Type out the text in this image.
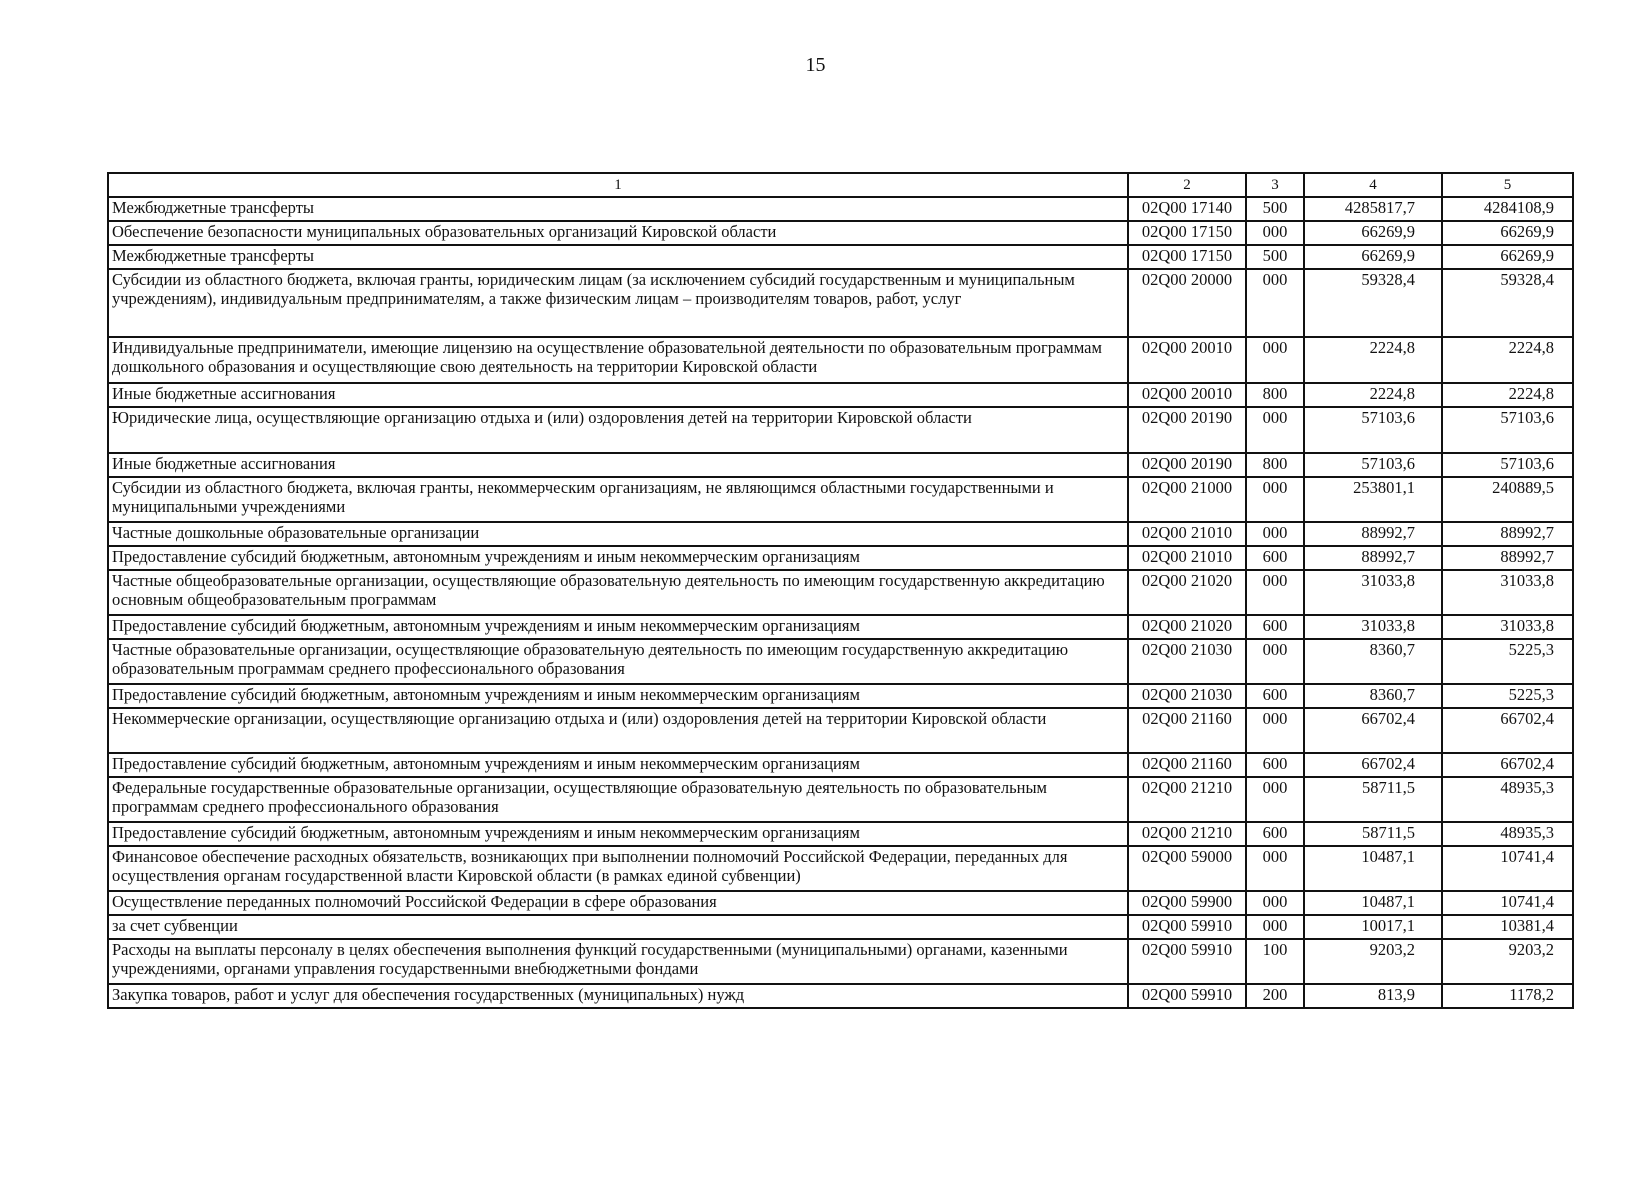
15
1	2	3	4	5
Межбюджетные трансферты	02Q00 17140	500	4285817,7	4284108,9
Обеспечение безопасности муниципальных образовательных организаций Кировской области	02Q00 17150	000	66269,9	66269,9
Межбюджетные трансферты	02Q00 17150	500	66269,9	66269,9
Субсидии из областного бюджета, включая гранты, юридическим лицам (за исключением субсидий государственным и муниципальным учреждениям), индивидуальным предпринимателям, а также физическим лицам – производителям товаров, работ, услуг	02Q00 20000	000	59328,4	59328,4
Индивидуальные предприниматели, имеющие лицензию на осуществление образовательной деятельности по образовательным программам дошкольного образования и осуществляющие свою деятельность на территории Кировской области	02Q00 20010	000	2224,8	2224,8
Иные бюджетные ассигнования	02Q00 20010	800	2224,8	2224,8
Юридические лица, осуществляющие организацию отдыха и (или) оздоровления детей на территории Кировской области	02Q00 20190	000	57103,6	57103,6
Иные бюджетные ассигнования	02Q00 20190	800	57103,6	57103,6
Субсидии из областного бюджета, включая гранты, некоммерческим организациям, не являющимся областными государственными и муниципальными учреждениями	02Q00 21000	000	253801,1	240889,5
Частные дошкольные образовательные организации	02Q00 21010	000	88992,7	88992,7
Предоставление субсидий бюджетным, автономным учреждениям и иным некоммерческим организациям	02Q00 21010	600	88992,7	88992,7
Частные общеобразовательные организации, осуществляющие образовательную деятельность по имеющим государственную аккредитацию основным общеобразовательным программам	02Q00 21020	000	31033,8	31033,8
Предоставление субсидий бюджетным, автономным учреждениям и иным некоммерческим организациям	02Q00 21020	600	31033,8	31033,8
Частные образовательные организации, осуществляющие образовательную деятельность по имеющим государственную аккредитацию образовательным программам среднего профессионального образования	02Q00 21030	000	8360,7	5225,3
Предоставление субсидий бюджетным, автономным учреждениям и иным некоммерческим организациям	02Q00 21030	600	8360,7	5225,3
Некоммерческие организации, осуществляющие организацию отдыха и (или) оздоровления детей на территории Кировской области	02Q00 21160	000	66702,4	66702,4
Предоставление субсидий бюджетным, автономным учреждениям и иным некоммерческим организациям	02Q00 21160	600	66702,4	66702,4
Федеральные государственные образовательные организации, осуществляющие образовательную деятельность по образовательным программам среднего профессионального образования	02Q00 21210	000	58711,5	48935,3
Предоставление субсидий бюджетным, автономным учреждениям и иным некоммерческим организациям	02Q00 21210	600	58711,5	48935,3
Финансовое обеспечение расходных обязательств, возникающих при выполнении полномочий Российской Федерации, переданных для осуществления органам государственной власти Кировской области (в рамках единой субвенции)	02Q00 59000	000	10487,1	10741,4
Осуществление переданных полномочий Российской Федерации в сфере образования	02Q00 59900	000	10487,1	10741,4
за счет субвенции	02Q00 59910	000	10017,1	10381,4
Расходы на выплаты персоналу в целях обеспечения выполнения функций государственными (муниципальными) органами, казенными учреждениями, органами управления государственными внебюджетными фондами	02Q00 59910	100	9203,2	9203,2
Закупка товаров, работ и услуг для обеспечения государственных (муниципальных) нужд	02Q00 59910	200	813,9	1178,2
